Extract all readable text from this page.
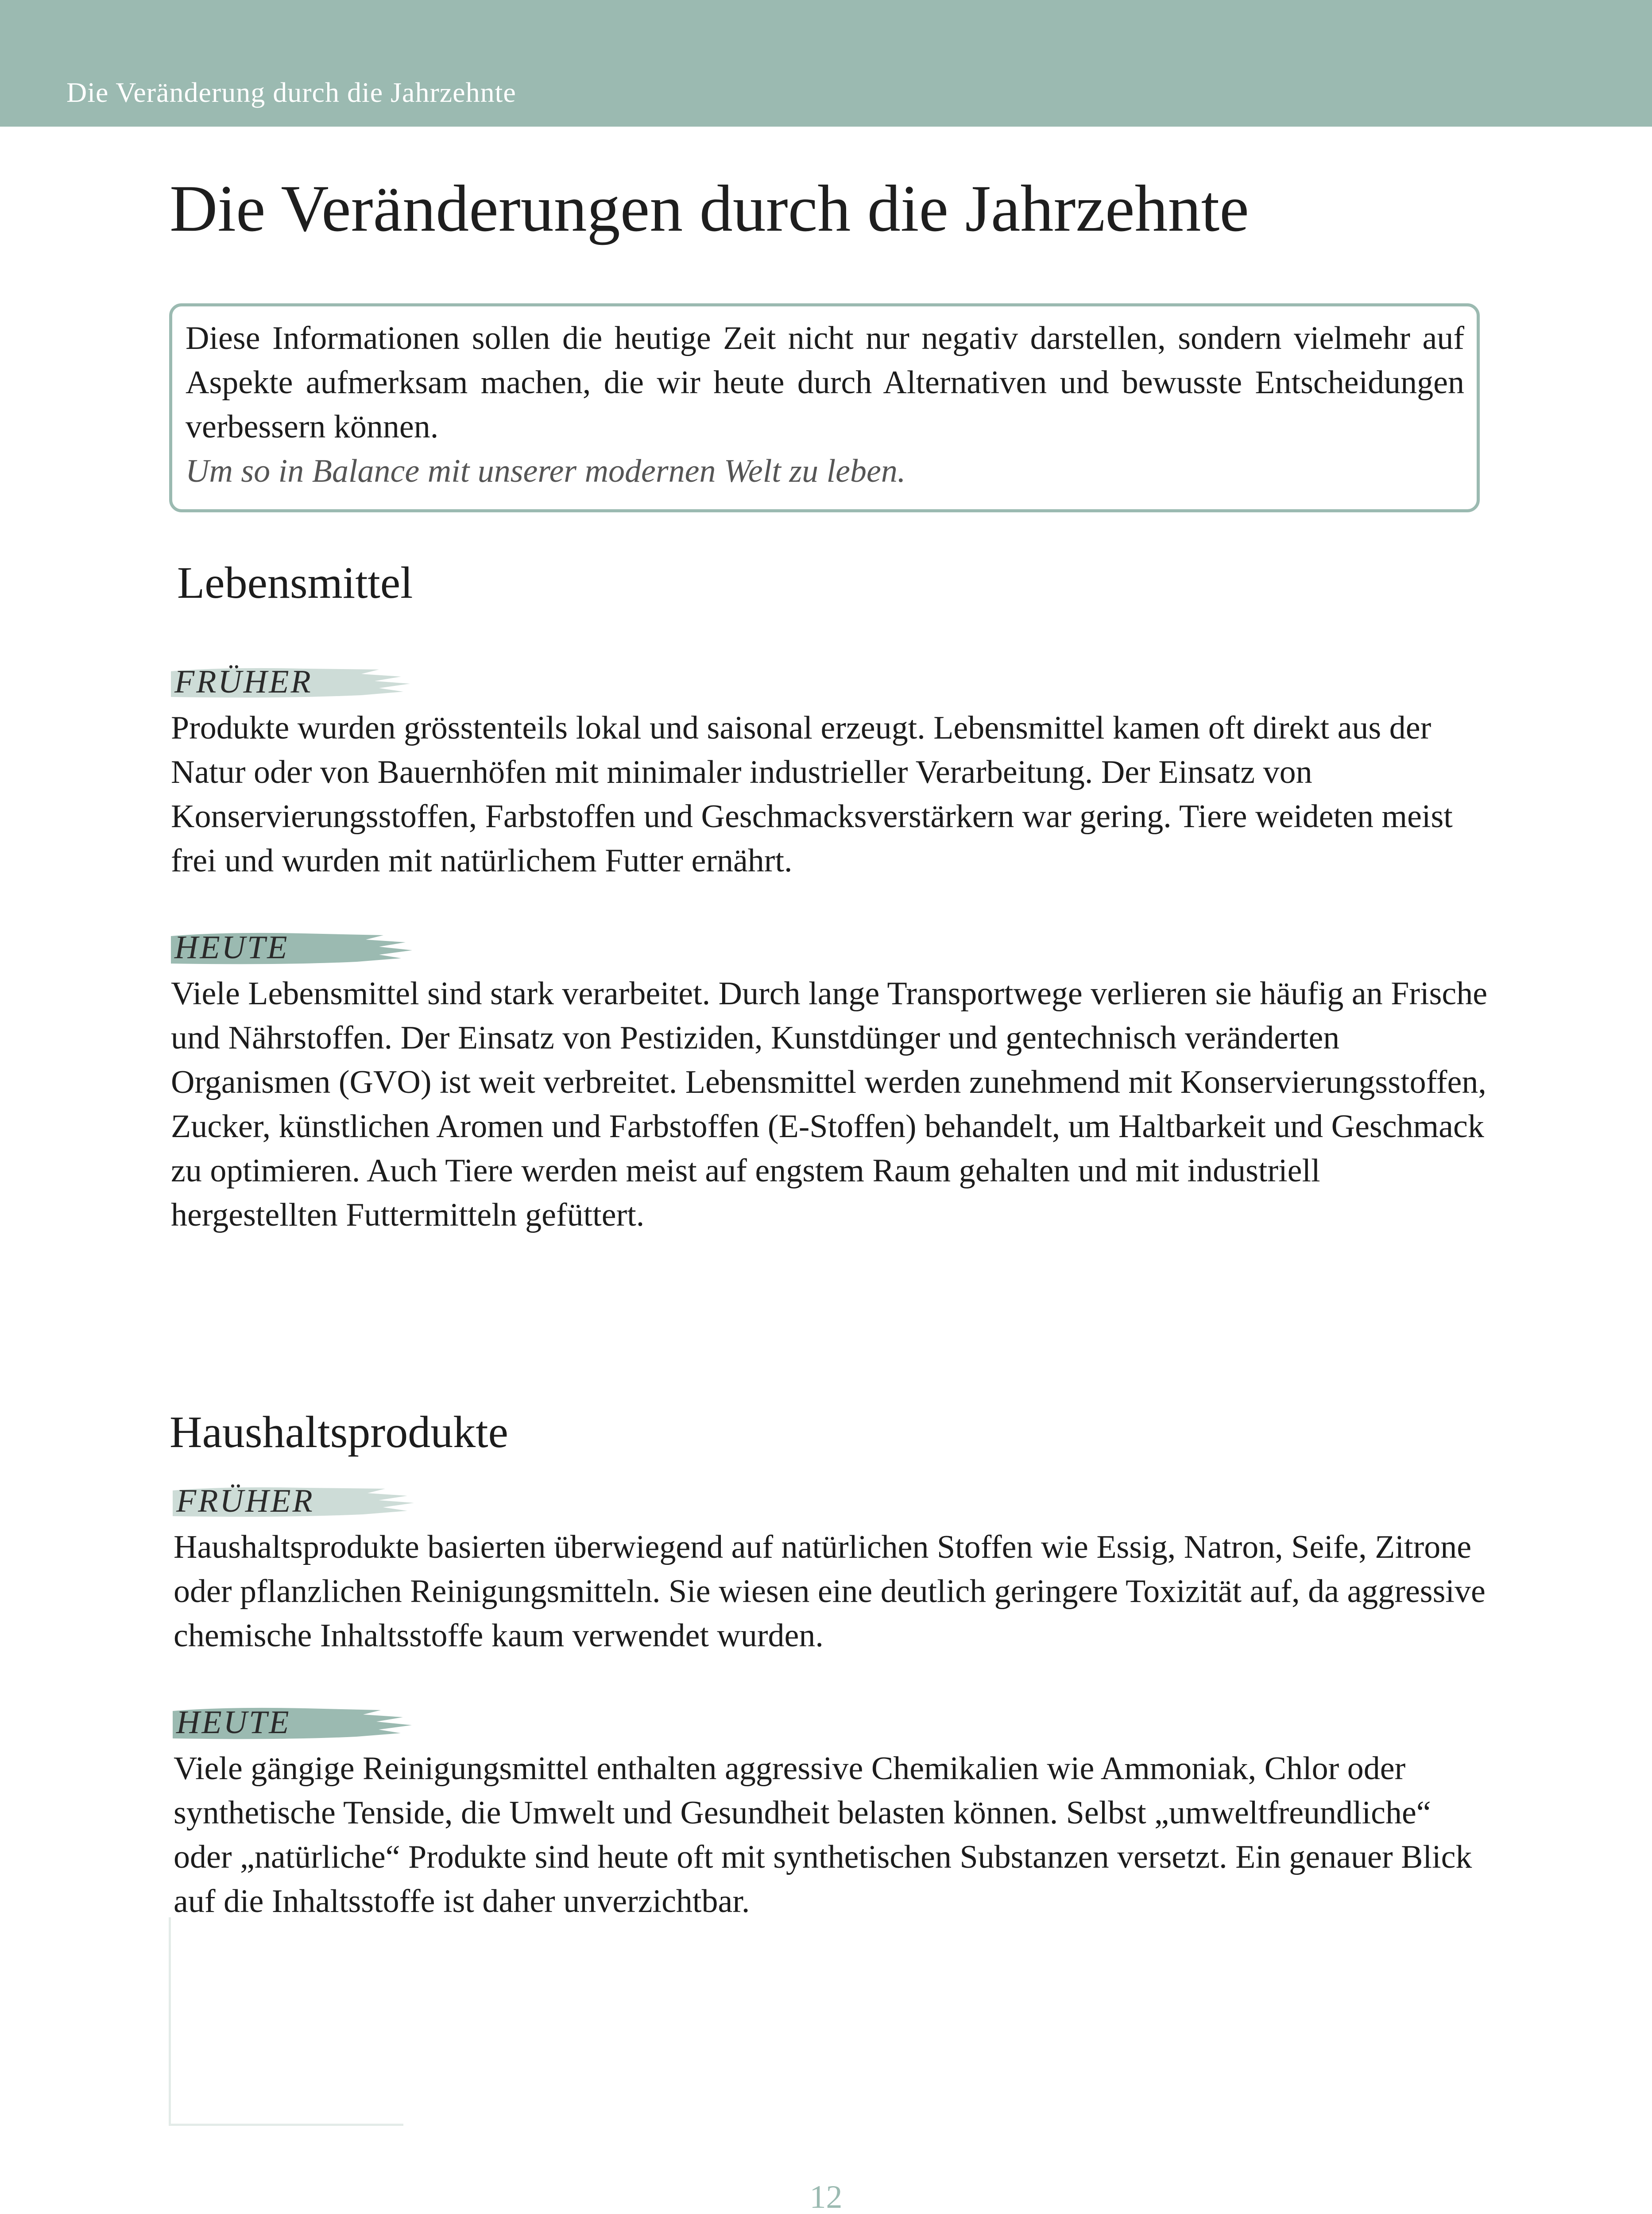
Die Veränderung durch die Jahrzehnte
Die Veränderungen durch die Jahrzehnte

Diese Informationen sollen die heutige Zeit nicht nur negativ darstellen, sondern vielmehr auf Aspekte aufmerksam machen, die wir heute durch Alternativen und bewusste Entscheidungen verbessern können.

Um so in Balance mit unserer modernen Welt zu leben.

Lebensmittel
FRÜHER

Produkte wurden grösstenteils lokal und saisonal erzeugt. Lebensmittel kamen oft direkt aus der Natur oder von Bauernhöfen mit minimaler industrieller Verarbeitung. Der Einsatz von Konservierungsstoffen, Farbstoffen und Geschmacksverstärkern war gering. Tiere weideten meist frei und wurden mit natürlichem Futter ernährt.

HEUTE

Viele Lebensmittel sind stark verarbeitet. Durch lange Transportwege verlieren sie häufig an Frische und Nährstoffen. Der Einsatz von Pestiziden, Kunstdünger und gentechnisch veränderten Organismen (GVO) ist weit verbreitet. Lebensmittel werden zunehmend mit Konservierungsstoffen, Zucker, künstlichen Aromen und Farbstoffen (E-Stoffen) behandelt, um Haltbarkeit und Geschmack zu optimieren. Auch Tiere werden meist auf engstem Raum gehalten und mit industriell hergestellten Futtermitteln gefüttert.

Haushaltsprodukte
FRÜHER

Haushaltsprodukte basierten überwiegend auf natürlichen Stoffen wie Essig, Natron, Seife, Zitrone oder pflanzlichen Reinigungsmitteln. Sie wiesen eine deutlich geringere Toxizität auf, da aggressive chemische Inhaltsstoffe kaum verwendet wurden.

HEUTE

Viele gängige Reinigungsmittel enthalten aggressive Chemikalien wie Ammoniak, Chlor oder synthetische Tenside, die Umwelt und Gesundheit belasten können. Selbst „umweltfreundliche“ oder „natürliche“ Produkte sind heute oft mit synthetischen Substanzen versetzt. Ein genauer Blick auf die Inhaltsstoffe ist daher unverzichtbar.

12
